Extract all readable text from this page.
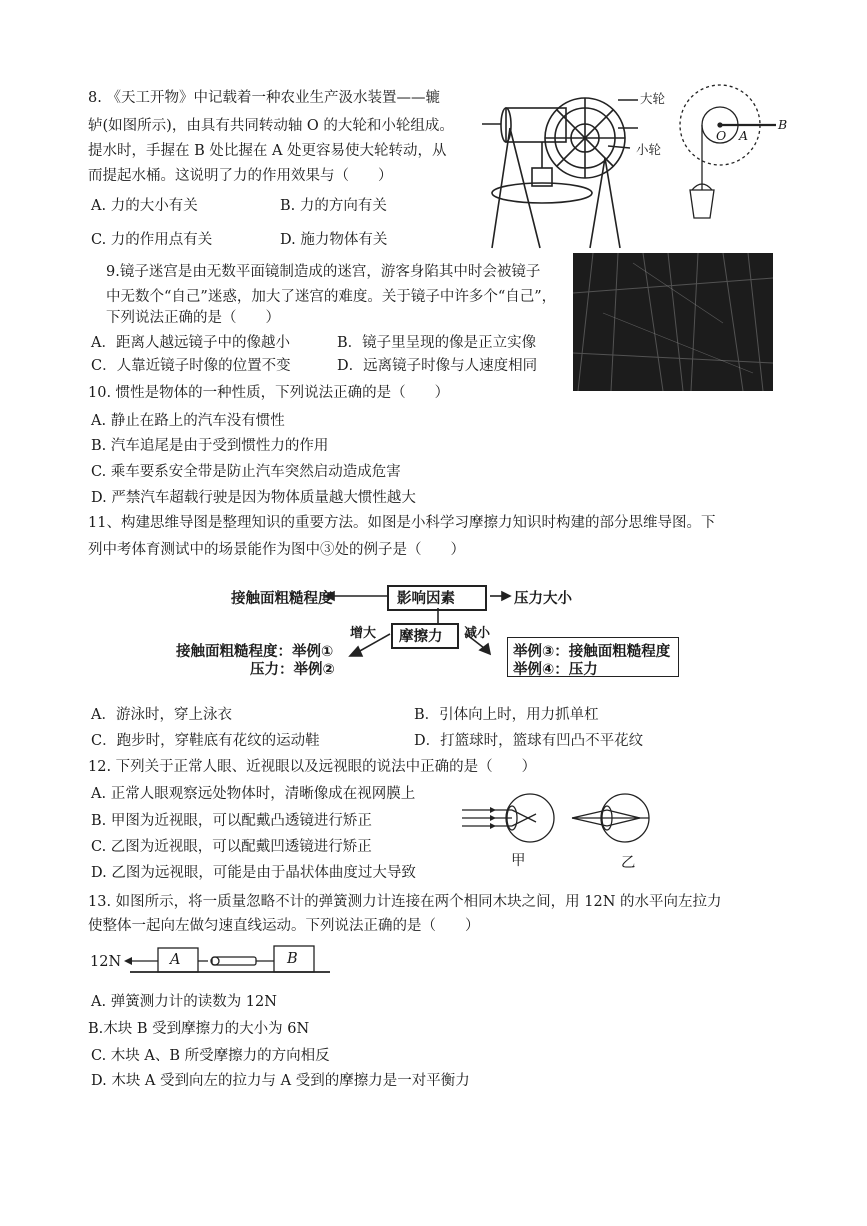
8. 《天工开物》中记载着一种农业生产汲水装置——辘
轳(如图所示)，由具有共同转动轴 O 的大轮和小轮组成。
提水时，手握在 B 处比握在 A 处更容易使大轮转动，从
而提起水桶。这说明了力的作用效果与（　　）
A. 力的大小有关	B. 力的方向有关
C. 力的作用点有关	D. 施力物体有关
大轮
小轮
O A
B
9.镜子迷宫是由无数平面镜制造成的迷宫，游客身陷其中时会被镜子
中无数个“自己”迷惑，加大了迷宫的难度。关于镜子中许多个“自己”，
下列说法正确的是（　　）
A．距离人越远镜子中的像越小	B．镜子里呈现的像是正立实像
C．人靠近镜子时像的位置不变	D．远离镜子时像与人速度相同
10. 惯性是物体的一种性质，下列说法正确的是（　　）
A. 静止在路上的汽车没有惯性
B. 汽车追尾是由于受到惯性力的作用
C. 乘车要系安全带是防止汽车突然启动造成危害
D. 严禁汽车超载行驶是因为物体质量越大惯性越大
11、构建思维导图是整理知识的重要方法。如图是小科学习摩擦力知识时构建的部分思维导图。下
列中考体育测试中的场景能作为图中③处的例子是（　　）
影响因素
接触面粗糙程度	压力大小
摩擦力
增大	减小
接触面粗糙程度：举例①
压力：举例②
举例③：接触面粗糙程度
举例④：压力
A．游泳时，穿上泳衣	B．引体向上时，用力抓单杠
C．跑步时，穿鞋底有花纹的运动鞋	D．打篮球时，篮球有凹凸不平花纹
12. 下列关于正常人眼、近视眼以及远视眼的说法中正确的是（　　）
A. 正常人眼观察远处物体时，清晰像成在视网膜上
B. 甲图为近视眼，可以配戴凸透镜进行矫正
C. 乙图为近视眼，可以配戴凹透镜进行矫正
D. 乙图为远视眼，可能是由于晶状体曲度过大导致
甲	乙
13. 如图所示，将一质量忽略不计的弹簧测力计连接在两个相同木块之间，用 12N 的水平向左拉力
使整体一起向左做匀速直线运动。下列说法正确的是（　　）
12N	A	B
A. 弹簧测力计的读数为 12N
B.木块 B 受到摩擦力的大小为 6N
C. 木块 A、B 所受摩擦力的方向相反
D. 木块 A 受到向左的拉力与 A 受到的摩擦力是一对平衡力
